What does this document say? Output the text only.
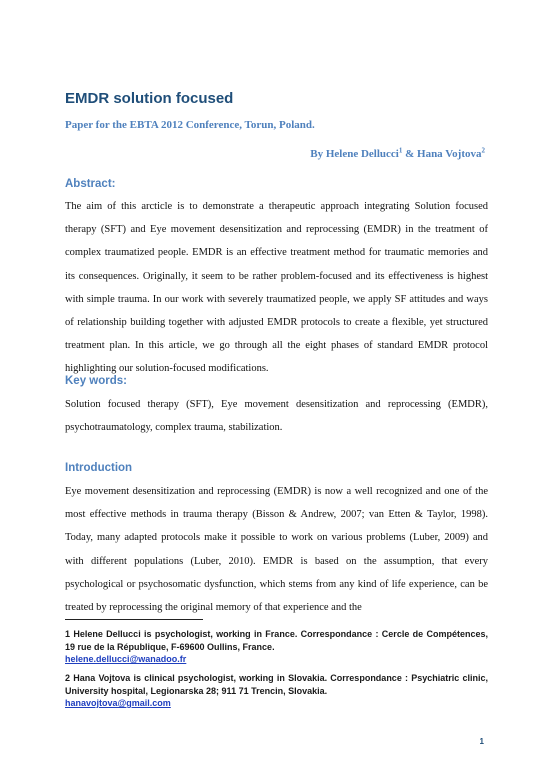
EMDR solution focused

Paper for the EBTA 2012 Conference, Torun, Poland.

By Helene Dellucci$^1$ & Hana Vojtova$^2$
Abstract:

The aim of this arcticle is to demonstrate a therapeutic approach integrating Solution focused therapy (SFT) and Eye movement desensitization and reprocessing (EMDR) in the treatment of complex traumatized people. EMDR is an effective treatment method for traumatic memories and its consequences. Originally, it seem to be rather problem-focused and its effectiveness is highest with simple trauma. In our work with severely traumatized people, we apply SF attitudes and ways of relationship building together with adjusted EMDR protocols to create a flexible, yet structured treatment plan. In this article, we go through all the eight phases of standard EMDR protocol highlighting our solution-focused modifications.

Key words:

Solution focused therapy (SFT), Eye movement desensitization and reprocessing (EMDR), psychotraumatology, complex trauma, stabilization.

Introduction

Eye movement desensitization and reprocessing (EMDR) is now a well recognized and one of the most effective methods in trauma therapy (Bisson & Andrew, 2007; van Etten & Taylor, 1998). Today, many adapted protocols make it possible to work on various problems (Luber, 2009) and with different populations (Luber, 2010). EMDR is based on the assumption, that every psychological or psychosomatic dysfunction, which stems from any kind of life experience, can be treated by reprocessing the original memory of that experience and the

1 Helene Dellucci is psychologist, working in France. Correspondance : Cercle de Compétences, 19 rue de la République, F-69600 Oullins, France.
helene.dellucci@wanadoo.fr

2 Hana Vojtova is clinical psychologist, working in Slovakia. Correspondance : Psychiatric clinic, University hospital, Legionarska 28; 911 71 Trencin, Slovakia.
hanavojtova@gmail.com

1
